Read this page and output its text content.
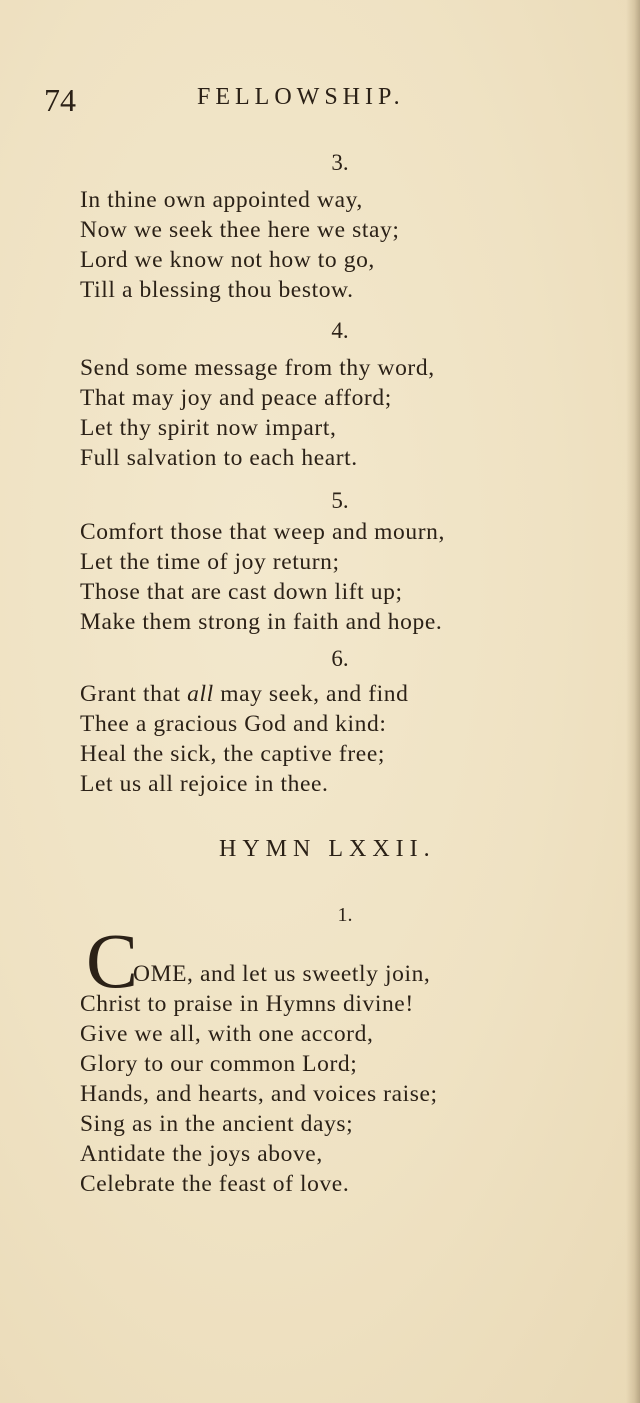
74	FELLOWSHIP.
3.
In thine own appointed way,
Now we seek thee here we stay;
Lord we know not how to go,
Till a blessing thou bestow.
4.
Send some message from thy word,
That may joy and peace afford;
Let thy spirit now impart,
Full salvation to each heart.
5.
Comfort those that weep and mourn,
Let the time of joy return;
Those that are cast down lift up;
Make them strong in faith and hope.
6.
Grant that all may seek, and find
Thee a gracious God and kind:
Heal the sick, the captive free;
Let us all rejoice in thee.
HYMN LXXII.
1.
C
OME, and let us sweetly join,
Christ to praise in Hymns divine!
Give we all, with one accord,
Glory to our common Lord;
Hands, and hearts, and voices raise;
Sing as in the ancient days;
Antidate the joys above,
Celebrate the feast of love.
